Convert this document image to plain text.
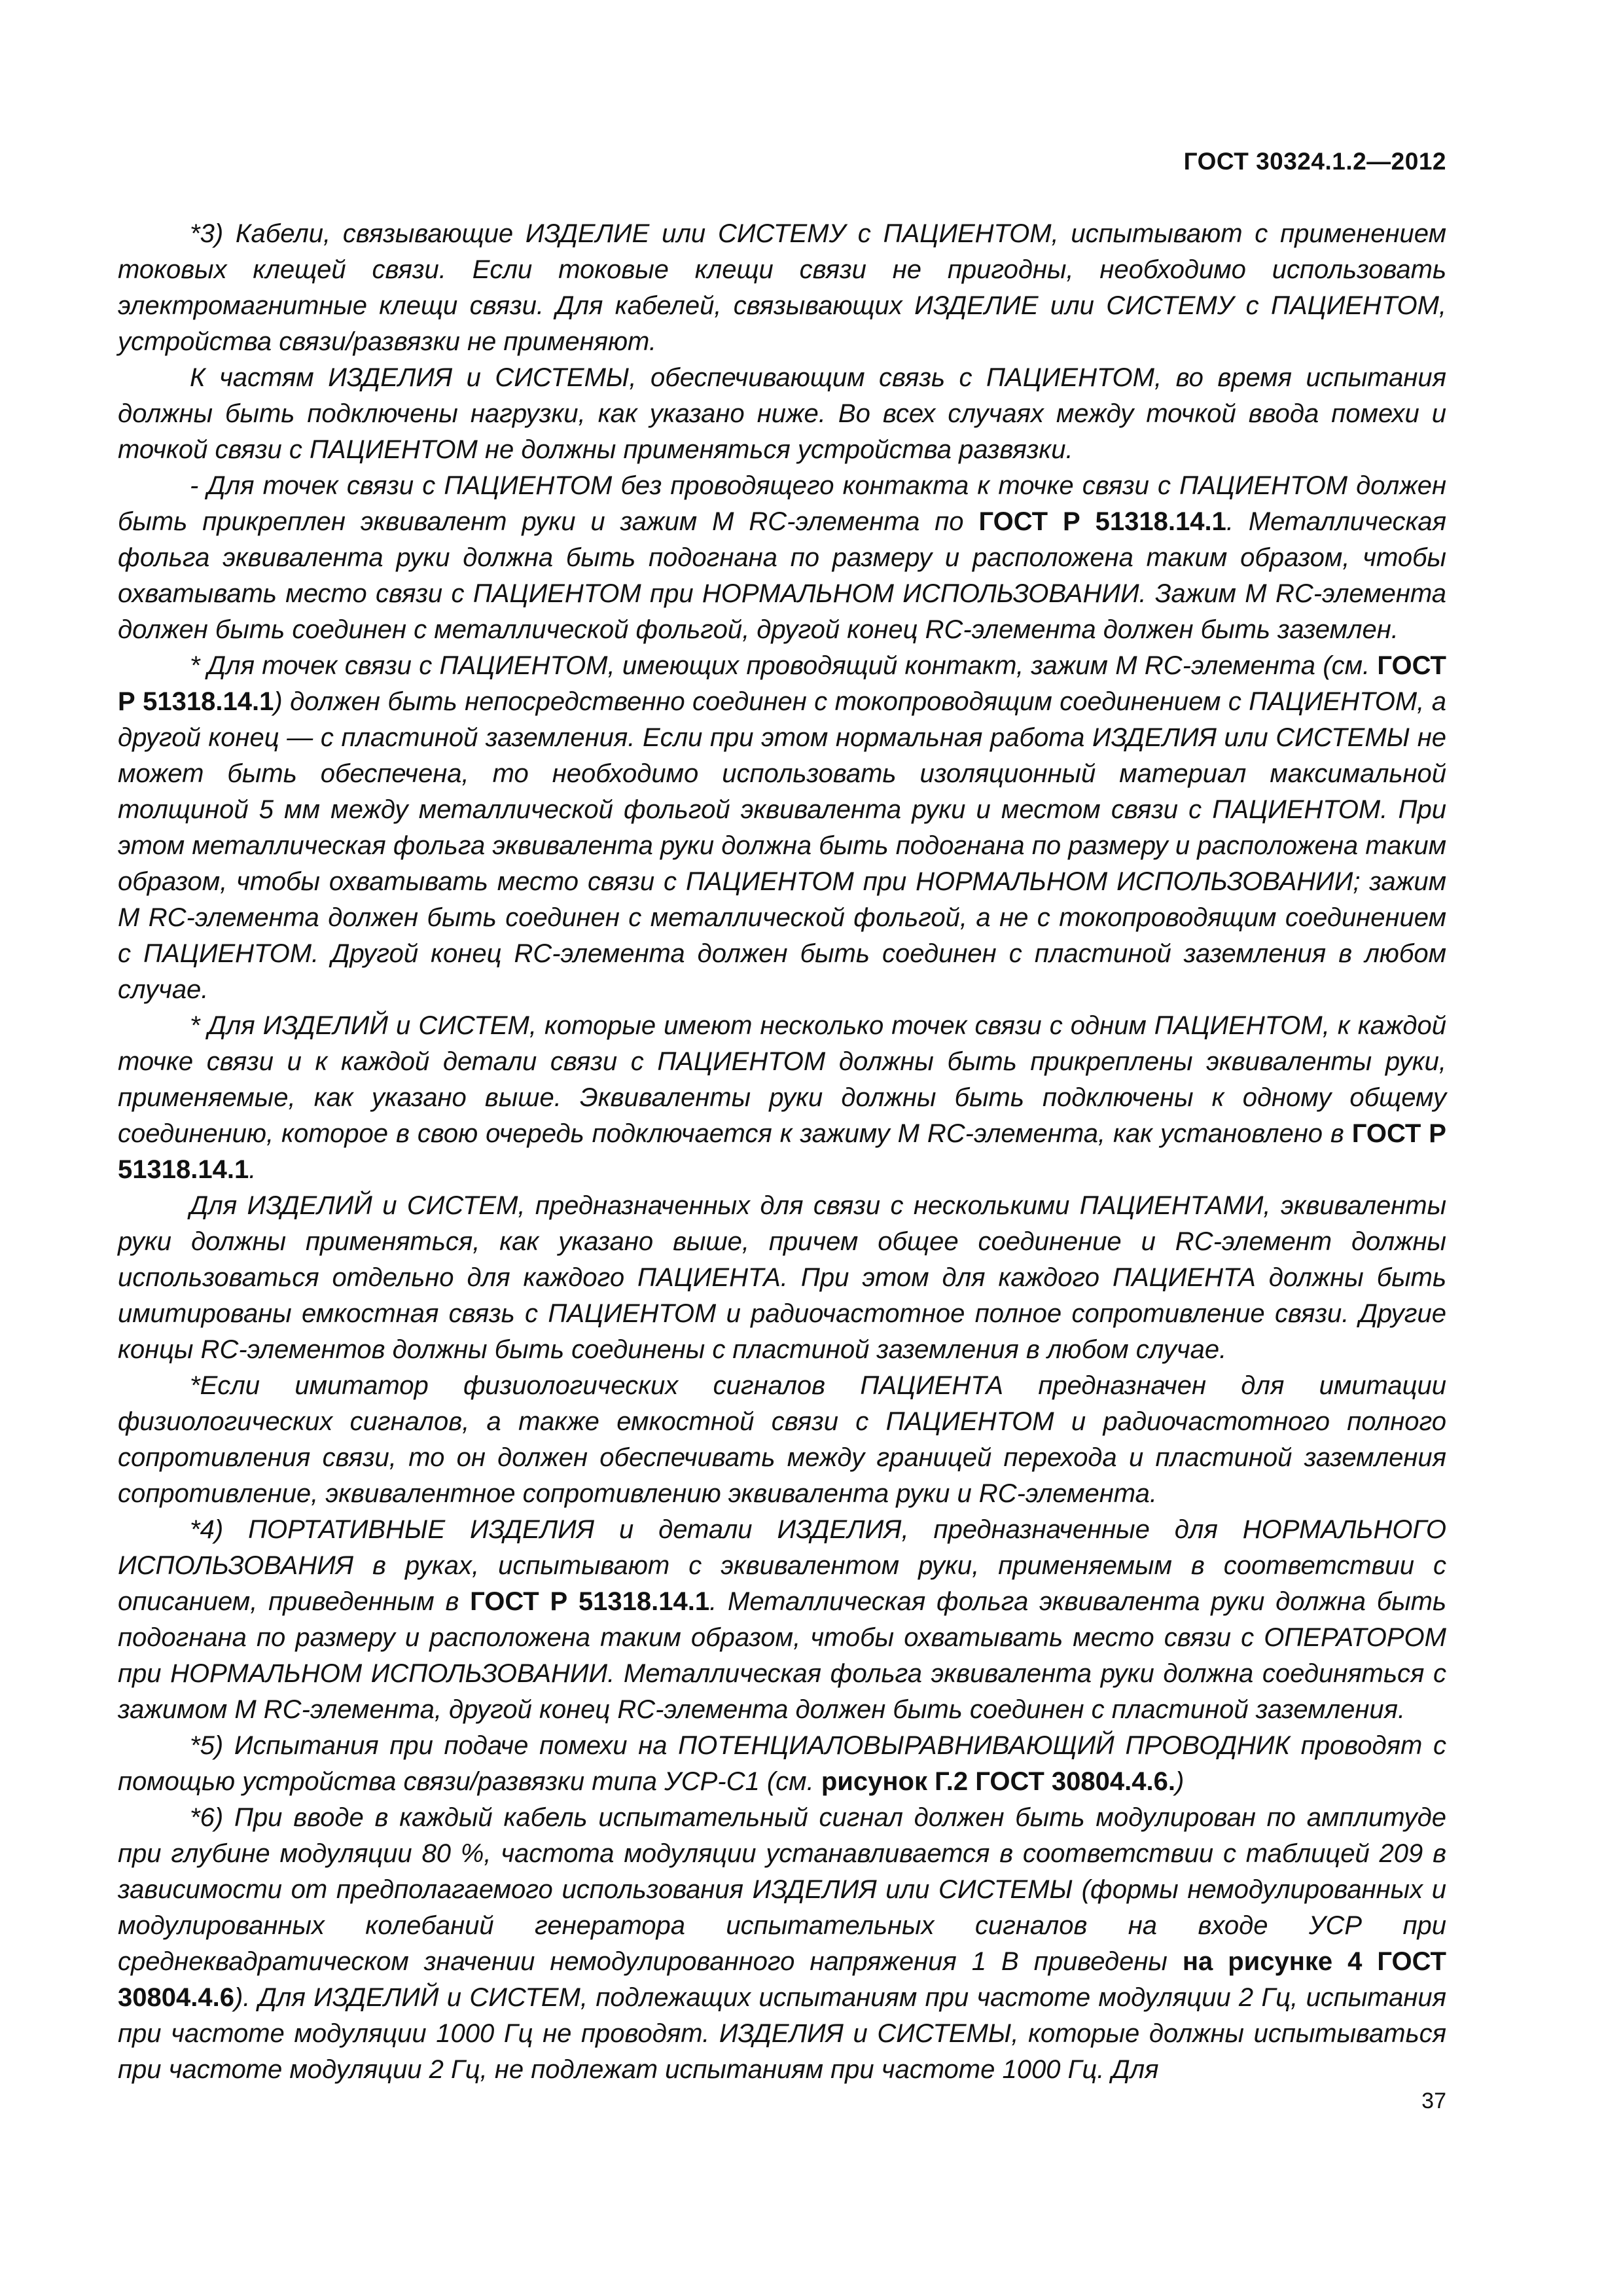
ГОСТ 30324.1.2—2012

*3) Кабели, связывающие ИЗДЕЛИЕ или СИСТЕМУ с ПАЦИЕНТОМ, испытывают с применением токовых клещей связи. Если токовые клещи связи не пригодны, необходимо использовать электромагнитные клещи связи. Для кабелей, связывающих ИЗДЕЛИЕ или СИСТЕМУ с ПАЦИЕНТОМ, устройства связи/развязки не применяют.

К частям ИЗДЕЛИЯ и СИСТЕМЫ, обеспечивающим связь с ПАЦИЕНТОМ, во время испытания должны быть подключены нагрузки, как указано ниже. Во всех случаях между точкой ввода помехи и точкой связи с ПАЦИЕНТОМ не должны применяться устройства развязки.

- Для точек связи с ПАЦИЕНТОМ без проводящего контакта к точке связи с ПАЦИЕНТОМ должен быть прикреплен эквивалент руки и зажим М RC-элемента по ГОСТ Р 51318.14.1. Металлическая фольга эквивалента руки должна быть подогнана по размеру и расположена таким образом, чтобы охватывать место связи с ПАЦИЕНТОМ при НОРМАЛЬНОМ ИСПОЛЬЗОВАНИИ. Зажим М RC-элемента должен быть соединен с металлической фольгой, другой конец RC-элемента должен быть заземлен.

* Для точек связи с ПАЦИЕНТОМ, имеющих проводящий контакт, зажим М RC-элемента (см. ГОСТ Р 51318.14.1) должен быть непосредственно соединен с токопроводящим соединением с ПАЦИЕНТОМ, а другой конец — с пластиной заземления. Если при этом нормальная работа ИЗДЕЛИЯ или СИСТЕМЫ не может быть обеспечена, то необходимо использовать изоляционный материал максимальной толщиной 5 мм между металлической фольгой эквивалента руки и местом связи с ПАЦИЕНТОМ. При этом металлическая фольга эквивалента руки должна быть подогнана по размеру и расположена таким образом, чтобы охватывать место связи с ПАЦИЕНТОМ при НОРМАЛЬНОМ ИСПОЛЬЗОВАНИИ; зажим М RC-элемента должен быть соединен с металлической фольгой, а не с токопроводящим соединением с ПАЦИЕНТОМ. Другой конец RC-элемента должен быть соединен с пластиной заземления в любом случае.

* Для ИЗДЕЛИЙ и СИСТЕМ, которые имеют несколько точек связи с одним ПАЦИЕНТОМ, к каждой точке связи и к каждой детали связи с ПАЦИЕНТОМ должны быть прикреплены эквиваленты руки, применяемые, как указано выше. Эквиваленты руки должны быть подключены к одному общему соединению, которое в свою очередь подключается к зажиму М RC-элемента, как установлено в ГОСТ Р 51318.14.1.

Для ИЗДЕЛИЙ и СИСТЕМ, предназначенных для связи с несколькими ПАЦИЕНТАМИ, эквиваленты руки должны применяться, как указано выше, причем общее соединение и RC-элемент должны использоваться отдельно для каждого ПАЦИЕНТА. При этом для каждого ПАЦИЕНТА должны быть имитированы емкостная связь с ПАЦИЕНТОМ и радиочастотное полное сопротивление связи. Другие концы RC-элементов должны быть соединены с пластиной заземления в любом случае.

*Если имитатор физиологических сигналов ПАЦИЕНТА предназначен для имитации физиологических сигналов, а также емкостной связи с ПАЦИЕНТОМ и радиочастотного полного сопротивления связи, то он должен обеспечивать между границей перехода и пластиной заземления сопротивление, эквивалентное сопротивлению эквивалента руки и RC-элемента.

*4) ПОРТАТИВНЫЕ ИЗДЕЛИЯ и детали ИЗДЕЛИЯ, предназначенные для НОРМАЛЬНОГО ИСПОЛЬЗОВАНИЯ в руках, испытывают с эквивалентом руки, применяемым в соответствии с описанием, приведенным в ГОСТ Р 51318.14.1. Металлическая фольга эквивалента руки должна быть подогнана по размеру и расположена таким образом, чтобы охватывать место связи с ОПЕРАТОРОМ при НОРМАЛЬНОМ ИСПОЛЬЗОВАНИИ. Металлическая фольга эквивалента руки должна соединяться с зажимом М RC-элемента, другой конец RC-элемента должен быть соединен с пластиной заземления.

*5) Испытания при подаче помехи на ПОТЕНЦИАЛОВЫРАВНИВАЮЩИЙ ПРОВОДНИК проводят с помощью устройства связи/развязки типа УСР-С1 (см. рисунок Г.2 ГОСТ 30804.4.6.)

*6) При вводе в каждый кабель испытательный сигнал должен быть модулирован по амплитуде при глубине модуляции 80 %, частота модуляции устанавливается в соответствии с таблицей 209 в зависимости от предполагаемого использования ИЗДЕЛИЯ или СИСТЕМЫ (формы немодулированных и модулированных колебаний генератора испытательных сигналов на входе УСР при среднеквадратическом значении немодулированного напряжения 1 В приведены на рисунке 4 ГОСТ 30804.4.6). Для ИЗДЕЛИЙ и СИСТЕМ, подлежащих испытаниям при частоте модуляции 2 Гц, испытания при частоте модуляции 1000 Гц не проводят. ИЗДЕЛИЯ и СИСТЕМЫ, которые должны испытываться при частоте модуляции 2 Гц, не подлежат испытаниям при частоте 1000 Гц. Для

37
